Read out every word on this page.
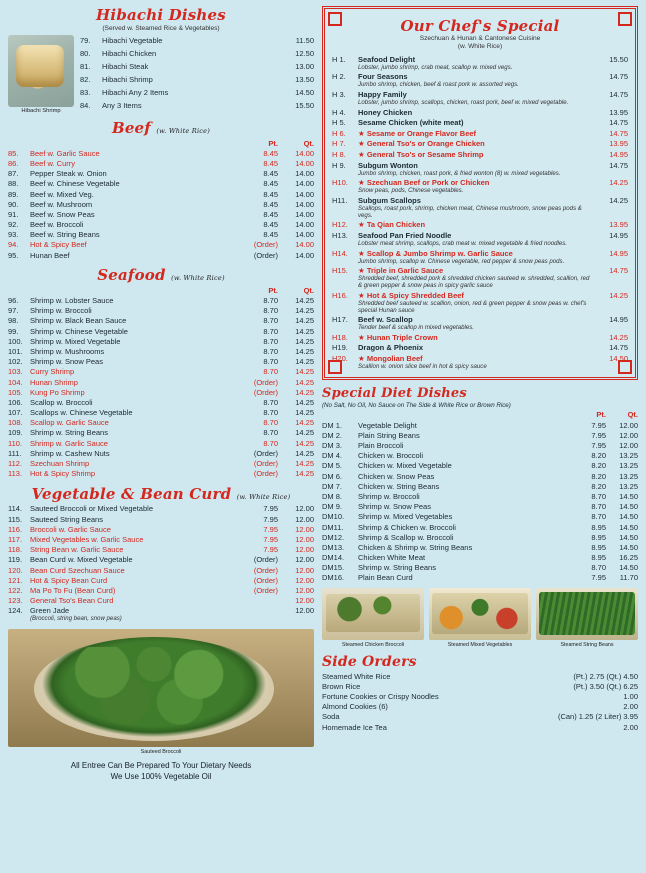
Hibachi Dishes
(Served w. Steamed Rice & Vegetables)
Hibachi Shrimp
79.	Hibachi Vegetable	11.50
80.	Hibachi Chicken	12.50
81.	Hibachi Steak	13.00
82.	Hibachi Shrimp	13.50
83.	Hibachi Any 2 Items	14.50
84.	Any 3 Items	15.50
Beef (w. White Rice)
		Pt.	Qt.
85.	Beef w. Garlic Sauce	8.45	14.00
86.	Beef w. Curry	8.45	14.00
87.	Pepper Steak w. Onion	8.45	14.00
88.	Beef w. Chinese Vegetable	8.45	14.00
89.	Beef w. Mixed Veg.	8.45	14.00
90.	Beef w. Mushroom	8.45	14.00
91.	Beef w. Snow Peas	8.45	14.00
92.	Beef w. Broccoli	8.45	14.00
93.	Beef w. String Beans	8.45	14.00
94.	Hot & Spicy Beef	(Order)	14.00
95.	Hunan Beef	(Order)	14.00
Seafood (w. White Rice)
		Pt.	Qt.
96.	Shrimp w. Lobster Sauce	8.70	14.25
97.	Shrimp w. Broccoli	8.70	14.25
98.	Shrimp w. Black Bean Sauce	8.70	14.25
99.	Shrimp w. Chinese Vegetable	8.70	14.25
100.	Shrimp w. Mixed Vegetable	8.70	14.25
101.	Shrimp w. Mushrooms	8.70	14.25
102.	Shrimp w. Snow Peas	8.70	14.25
103.	Curry Shrimp	8.70	14.25
104.	Hunan Shrimp	(Order)	14.25
105.	Kung Po Shrimp	(Order)	14.25
106.	Scallop w. Broccoli	8.70	14.25
107.	Scallops w. Chinese Vegetable	8.70	14.25
108.	Scallop w. Garlic Sauce	8.70	14.25
109.	Shrimp w. String Beans	8.70	14.25
110.	Shrimp w. Garlic Sauce	8.70	14.25
111.	Shrimp w. Cashew Nuts	(Order)	14.25
112.	Szechuan Shrimp	(Order)	14.25
113.	Hot & Spicy Shrimp	(Order)	14.25
Vegetable & Bean Curd (w. White Rice)
114.	Sauteed Broccoli or Mixed Vegetable	7.95	12.00
115.	Sauteed String Beans	7.95	12.00
116.	Broccoli w. Garlic Sauce	7.95	12.00
117.	Mixed Vegetables w. Garlic Sauce	7.95	12.00
118.	String Bean w. Garlic Sauce	7.95	12.00
119.	Bean Curd w. Mixed Vegetable	(Order)	12.00
120.	Bean Curd Szechuan Sauce	(Order)	12.00
121.	Hot & Spicy Bean Curd	(Order)	12.00
122.	Ma Po To Fu (Bean Curd)	(Order)	12.00
123.	General Tso's Bean Curd		12.00
124.	Green Jade
(Broccoli, string bean, snow peas)		12.00
Sauteed Broccoli
All Entree Can Be Prepared To Your Dietary Needs
We Use 100% Vegetable Oil
Our Chef's Special
Szechuan & Hunan & Cantonese Cuisine
(w. White Rice)
H 1.	Seafood Delight
Lobster, jumbo shrimp, crab meat, scallop w. mixed vegs.	15.50
H 2.	Four Seasons
Jumbo shrimp, chicken, beef & roast pork w. assorted vegs.	14.75
H 3.	Happy Family
Lobster, jumbo shrimp, scallops, chicken, roast pork, beef w. mixed vegetable.	14.75
H 4.	Honey Chicken	13.95
H 5.	Sesame Chicken (white meat)	14.75
H 6.	★ Sesame or Orange Flavor Beef	14.75
H 7.	★ General Tso's or Orange Chicken	13.95
H 8.	★ General Tso's or Sesame Shrimp	14.95
H 9.	Subgum Wonton
Jumbo shrimp, chicken, roast pork, & fried wonton (8) w. mixed vegetables.	14.75
H10.	★ Szechuan Beef or Pork or Chicken
Snow peas, pods, Chinese vegetables.	14.25
H11.	Subgum Scallops
Scallops, roast pork, shrimp, chicken meat, Chinese mushroom, snow peas pods & vegs.	14.25
H12.	★ Ta Qian Chicken	13.95
H13.	Seafood Pan Fried Noodle
Lobster meat shrimp, scallops, crab meat w. mixed vegetable & fried noodles.	14.95
H14.	★ Scallop & Jumbo Shrimp w. Garlic Sauce
Jumbo shrimp, scallop w. Chinese vegetable, red pepper & snow peas pods.	14.95
H15.	★ Triple in Garlic Sauce
Shredded beef, shredded pork & shredded chicken sauteed w. shredded, scallion, red & green pepper & snow peas in spicy garlic sauce	14.75
H16.	★ Hot & Spicy Shredded Beef
Shredded beef sauteed w. scallion, onion, red & green pepper & snow peas w. chef's special Hunan sauce	14.25
H17.	Beef w. Scallop
Tender beef & scallop in mixed vegetables.	14.95
H18.	★ Hunan Triple Crown	14.25
H19.	Dragon & Phoenix	14.75
H20.	★ Mongolian Beef
Scallion w. onion slice beef in hot & spicy sauce	14.50
Special Diet Dishes
(No Salt, No Oil, No Sauce on The Side & White Rice or Brown Rice)
		Pt.	Qt.
DM 1.	Vegetable Delight	7.95	12.00
DM 2.	Plain String Beans	7.95	12.00
DM 3.	Plain Broccoli	7.95	12.00
DM 4.	Chicken w. Broccoli	8.20	13.25
DM 5.	Chicken w. Mixed Vegetable	8.20	13.25
DM 6.	Chicken w. Snow Peas	8.20	13.25
DM 7.	Chicken w. String Beans	8.20	13.25
DM 8.	Shrimp w. Broccoli	8.70	14.50
DM 9.	Shrimp w. Snow Peas	8.70	14.50
DM10.	Shrimp w. Mixed Vegetables	8.70	14.50
DM11.	Shrimp & Chicken w. Broccoli	8.95	14.50
DM12.	Shrimp & Scallop w. Broccoli	8.95	14.50
DM13.	Chicken & Shrimp w. String Beans	8.95	14.50
DM14.	Chicken White Meat	8.95	16.25
DM15.	Shrimp w. String Beans	8.70	14.50
DM16.	Plain Bean Curd	7.95	11.70
Steamed Chicken Broccoli	Steamed Mixed Vegetables	Steamed String Beans
Side Orders
Steamed White Rice	(Pt.) 2.75 (Qt.) 4.50
Brown Rice	(Pt.) 3.50 (Qt.) 6.25
Fortune Cookies or Crispy Noodles	1.00
Almond Cookies (6)	2.00
Soda	(Can) 1.25 (2 Liter) 3.95
Homemade Ice Tea	2.00
